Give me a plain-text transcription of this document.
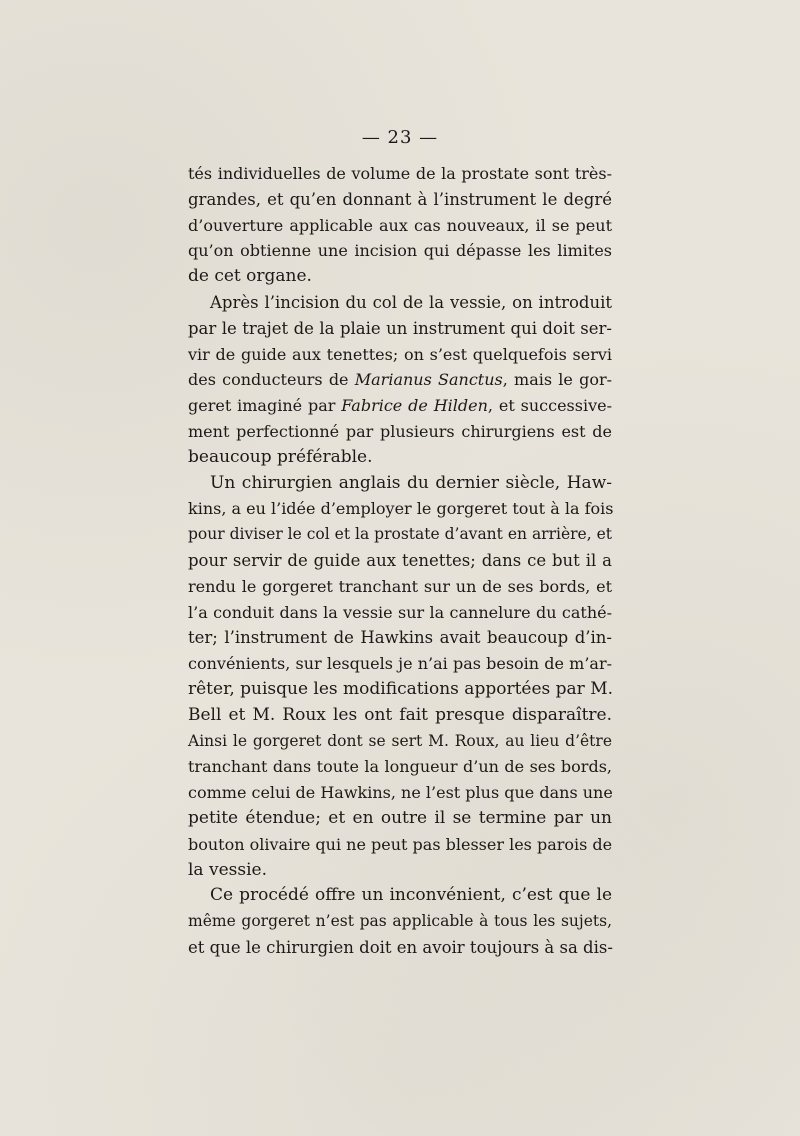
— 23 —
tés individuelles de volume de la prostate sont très-
grandes, et qu’en donnant à l’instrument le degré
d’ouverture applicable aux cas nouveaux, il se peut
qu’on obtienne une incision qui dépasse les limites
de cet organe.
Après l’incision du col de la vessie, on introduit
par le trajet de la plaie un instrument qui doit ser-
vir de guide aux tenettes; on s’est quelquefois servi
des conducteurs de Marianus Sanctus, mais le gor-
geret imaginé par Fabrice de Hilden, et successive-
ment perfectionné par plusieurs chirurgiens est de
beaucoup préférable.
Un chirurgien anglais du dernier siècle, Haw-
kins, a eu l’idée d’employer le gorgeret tout à la fois
pour diviser le col et la prostate d’avant en arrière, et
pour servir de guide aux tenettes; dans ce but il a
rendu le gorgeret tranchant sur un de ses bords, et
l’a conduit dans la vessie sur la cannelure du cathé-
ter; l’instrument de Hawkins avait beaucoup d’in-
convénients, sur lesquels je n’ai pas besoin de m’ar-
rêter, puisque les modifications apportées par M.
Bell et M. Roux les ont fait presque disparaître.
Ainsi le gorgeret dont se sert M. Roux, au lieu d’être
tranchant dans toute la longueur d’un de ses bords,
comme celui de Hawkins, ne l’est plus que dans une
petite étendue; et en outre il se termine par un
bouton olivaire qui ne peut pas blesser les parois de
la vessie.
Ce procédé offre un inconvénient, c’est que le
même gorgeret n’est pas applicable à tous les sujets,
et que le chirurgien doit en avoir toujours à sa dis-
